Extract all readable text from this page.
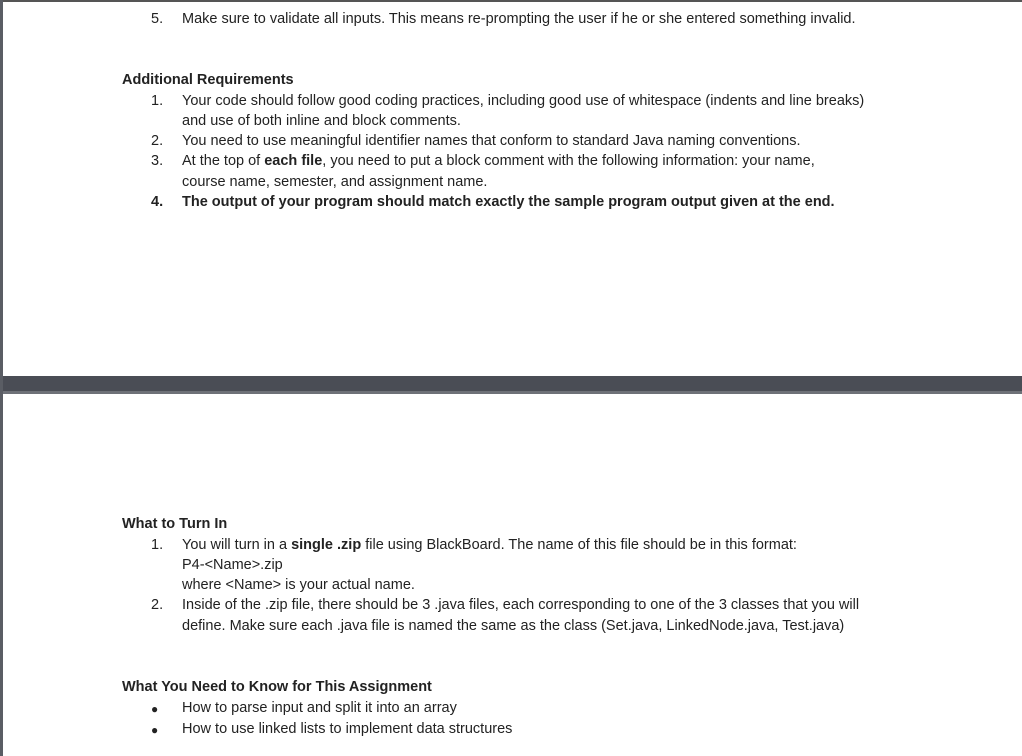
5.	Make sure to validate all inputs. This means re-prompting the user if he or she entered something invalid.
Additional Requirements
1.	Your code should follow good coding practices, including good use of whitespace (indents and line breaks)
and use of both inline and block comments.
2.	You need to use meaningful identifier names that conform to standard Java naming conventions.
3.	At the top of each file, you need to put a block comment with the following information: your name,
course name, semester, and assignment name.
4.	The output of your program should match exactly the sample program output given at the end.
What to Turn In
1.	You will turn in a single .zip file using BlackBoard. The name of this file should be in this format:
P4-<Name>.zip
where <Name> is your actual name.
2.	Inside of the .zip file, there should be 3 .java files, each corresponding to one of the 3 classes that you will
define. Make sure each .java file is named the same as the class (Set.java, LinkedNode.java, Test.java)
What You Need to Know for This Assignment
● How to parse input and split it into an array
● How to use linked lists to implement data structures
